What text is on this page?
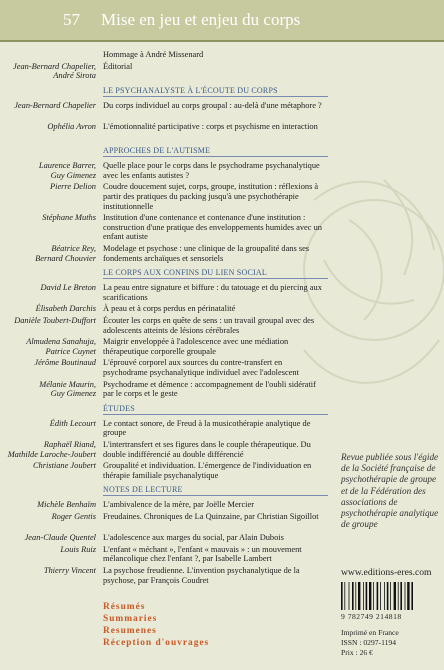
57 Mise en jeu et enjeu du corps
Hommage à André Missenard
Jean-Bernard Chapelier,
André Sirota
Éditorial
LE PSYCHANALYSTE À L'ÉCOUTE DU CORPS
Jean-Bernard Chapelier Du corps individuel au corps groupal : au-delà d'une métaphore ?
Ophélia Avron L'émotionnalité participative : corps et psychisme en interaction
APPROCHES DE L'AUTISME
Laurence Barrer,
Guy Gimenez
Quelle place pour le corps dans le psychodrame psychanalytique avec les enfants autistes ?
Pierre Delion Coudre doucement sujet, corps, groupe, institution : réflexions à partir des pratiques du packing jusqu'à une psychothérapie institutionnelle
Stéphane Muths Institution d'une contenance et contenance d'une institution : construction d'une pratique des enveloppements humides avec un enfant autiste
Béatrice Rey,
Bernard Chouvier
Modelage et psychose : une clinique de la groupalité dans ses fondements archaïques et sensoriels
LE CORPS AUX CONFINS DU LIEN SOCIAL
David Le Breton La peau entre signature et biffure : du tatouage et du piercing aux scarifications
Élisabeth Darchis À peau et à corps perdus en périnatalité
Danièle Toubert-Duffort Écouter les corps en quête de sens : un travail groupal avec des adolescents atteints de lésions cérébrales
Almudena Sanahuja,
Patrice Cuynet
Maigrir enveloppée à l'adolescence avec une médiation thérapeutique corporelle groupale
Jérôme Boutinaud L'éprouvé corporel aux sources du contre-transfert en psychodrame psychanalytique individuel avec l'adolescent
Mélanie Maurin,
Guy Gimenez
Psychodrame et démence : accompagnement de l'oubli sidératif par le corps et le geste
ÉTUDES
Édith Lecourt Le contact sonore, de Freud à la musicothérapie analytique de groupe
Raphaël Riand,
Mathilde Laroche-Joubert
L'intertransfert et ses figures dans le couple thérapeutique. Du double indifférencié au double différencié
Christiane Joubert Groupalité et individuation. L'émergence de l'individuation en thérapie familiale psychanalytique
NOTES DE LECTURE
Michèle Benhaïm L'ambivalence de la mère, par Joëlle Mercier
Roger Gentis Freudaines. Chroniques de La Quinzaine, par Christian Sigoillot
Jean-Claude Quentel L'adolescence aux marges du social, par Alain Dubois
Louis Ruiz L'enfant « méchant », l'enfant « mauvais » : un mouvement mélancolique chez l'enfant ?, par Isabelle Lambert
Thierry Vincent La psychose freudienne. L'invention psychanalytique de la psychose, par François Coudret
Résumés
Summaries
Resumenes
Réception d'ouvrages
Revue publiée sous l'égide de la Société française de psychothérapie de groupe et de la Fédération des associations de psychothérapie analytique de groupe
www.editions-eres.com
9 782749 214818
Imprimé en France
ISSN : 0297-1194
Prix : 26 €
